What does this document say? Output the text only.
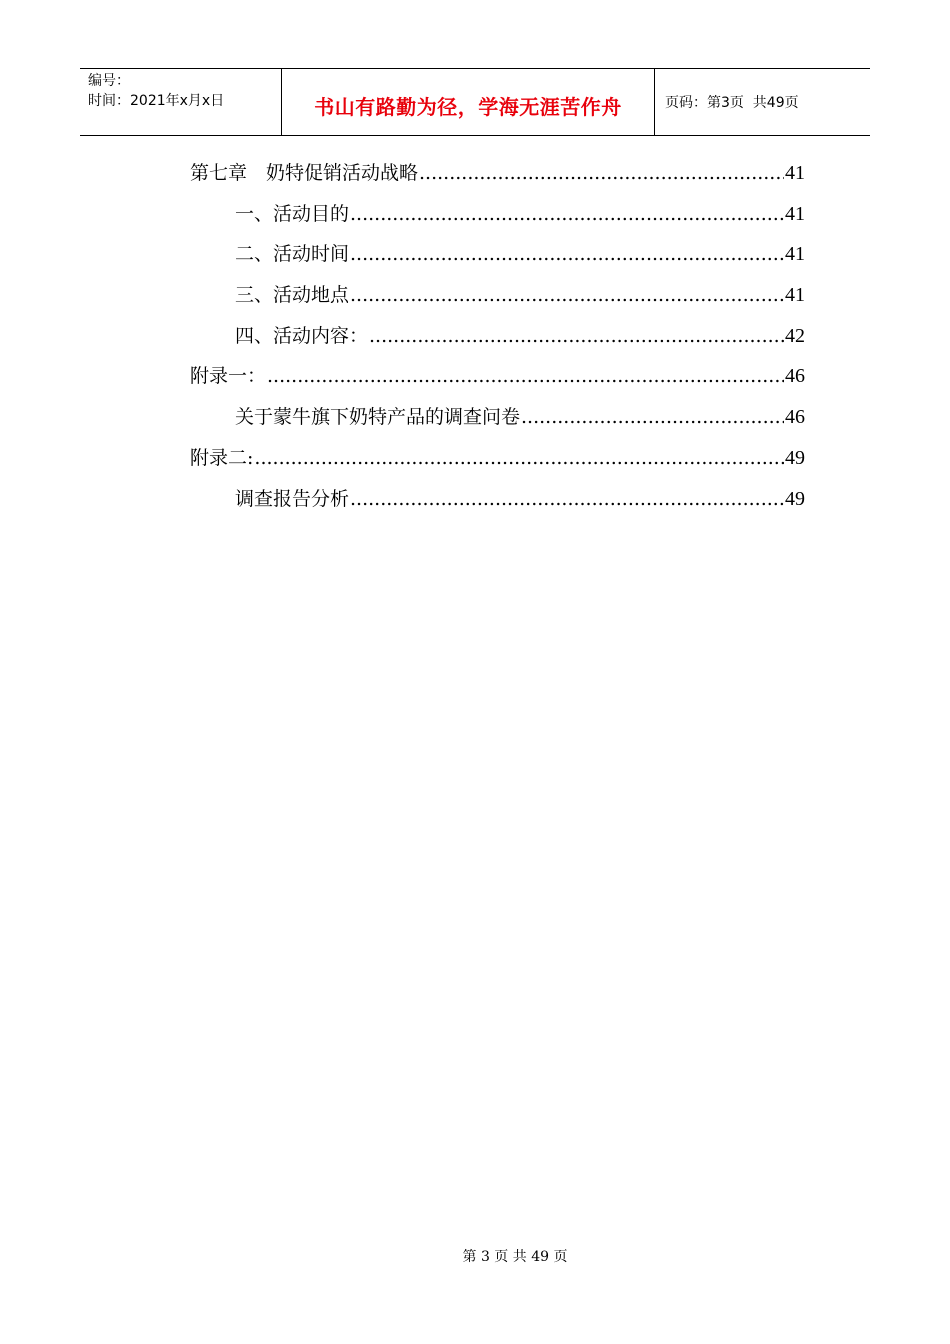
编号：
时间：2021年x月x日	书山有路勤为径，学海无涯苦作舟	页码：第3页  共49页
第七章　奶特促销活动战略 .....	41
一、活动目的 .....	41
二、活动时间 .....	41
三、活动地点 .....	41
四、活动内容： .....	42
附录一： .....	46
关于蒙牛旗下奶特产品的调查问卷 .....	46
附录二: .....	49
调查报告分析 .....	49
第 3 页 共 49 页
